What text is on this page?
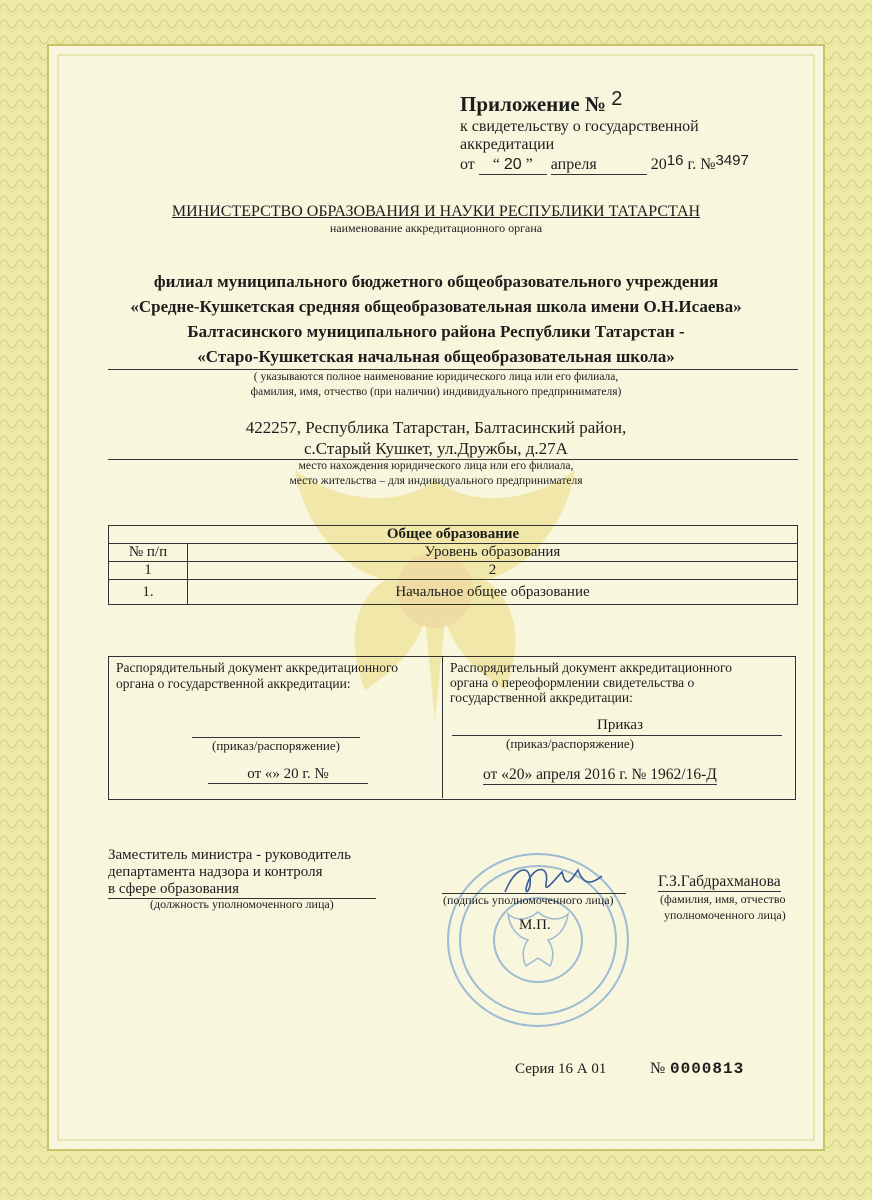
Приложение № 2
к свидетельству о государственной
аккредитации
от “ 20 ” апреля	2016 г. №3497
МИНИСТЕРСТВО ОБРАЗОВАНИЯ И НАУКИ РЕСПУБЛИКИ ТАТАРСТАН
наименование аккредитационного органа
филиал муниципального бюджетного общеобразовательного учреждения
«Средне-Кушкетская средняя общеобразовательная школа имени О.Н.Исаева»
Балтасинского муниципального района Республики Татарстан -
«Старо-Кушкетская начальная общеобразовательная школа»
( указываются полное наименование юридического лица или его филиала,
фамилия, имя, отчество (при наличии) индивидуального предпринимателя)
422257, Республика Татарстан, Балтасинский район,
с.Старый Кушкет, ул.Дружбы, д.27А
место нахождения юридического лица или его филиала,
место жительства – для индивидуального предпринимателя
Общее образование	
№ п/п	Уровень образования
1	2
1.	Начальное общее образование
Распорядительный документ аккредитационного
органа о государственной аккредитации:
(приказ/распоряжение)
от «» 20 г. №
Распорядительный документ аккредитационного
органа о переоформлении свидетельства о
государственной аккредитации:
Приказ
(приказ/распоряжение)
от «20» апреля 2016 г. № 1962/16-Д
Заместитель министра - руководитель
департамента надзора и контроля
в сфере образования
(должность уполномоченного лица)	(подпись уполномоченного лица)
Г.З.Габдрахманова
(фамилия, имя, отчество
уполномоченного лица)
М.П.
Серия 16 А 01	№ 0000813
